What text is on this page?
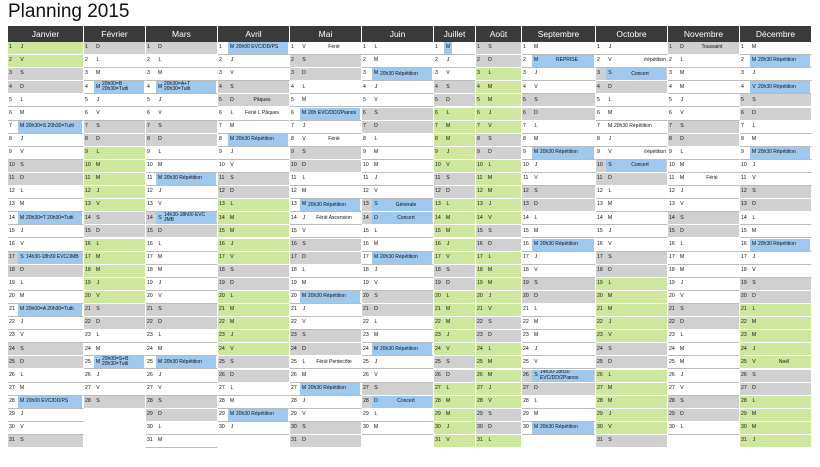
Planning 2015
Janvier
1	J
2	V
3	S
4	D
5	L
6	M
7	M 20h30=S 20h30=Tutti
8	J
9	V
10	S
11	D
12	L
13 M
14 M 20h30=T 20h30=Tutti
15	J
16	V
17	S 14h30-18h30 EVC/JMB
18	D
19	L
20 M
21 M 20h00=A 20h30=Tutti
22	J
23	V
24	S
25	D
26	L
27 M
28 M 20h00 EVC/DD/PS
29	J
30	V
31	S
Février
1	D
2	L
3	M
4	M 20h00=B 20h30=Tutti
5	J
6	V
7	S
8	D
9	L
10 M
11	M
12	J
13	V
14	S
15	D
16	L
17 M
18 M
19	J
20	V
21	S
22	D
23	L
24 M
25 M 20h00=S+B 20h30=Tutti
26	J
27	V
28	S
Mars
1	D
2	L
3	M
4	M 20h30=A+T 20h30=Tutti
5	J
6	V
7	S
8	D
9	L
10 M
11	M 20h30 Répétition
12	J
13	V
14	S 14h30-18h00 EVC JMB
15	D
16	L
17 M
18 M
19	J
20	V
21	S
22	D
23	L
24 M
25 M 20h30 Répétition
26	J
27	V
28	S
29	D
30	L
31 M
Avril
1	M 20h00 EVC/DD/PS
2	J
3	V
4	S
5	D	Pâques
6	L	Férié L Pâques
7	M
8	M 20h30 Répétition
9	J
10	V
11	S
12	D
13	L
14 M
15 M
16	J
17	V
18	S
19	D
20	L
21 M
22 M
23	J
24	V
25	S
26	D
27	L
28 M
29 M 20h30 Répétition
30	J
Mai
1	V	Férié
2	S
3	D
4	L
5	M
6	M 20h EVC/DD/2Pianos
7	J
8	V	Férié
9	S
10	D
11	L
12 M
13 M 20h30 Répétition
14	J	Férié Ascension
15	V
16	S
17	D
18	L
19 M
20 M 20h30 Répétition
21	J
22	V
23	S
24	D
25	L	Férié Pentecôte
26 M
27 M 20h30 Répétition
28	J
29	V
30	S
31	D
Juin
1	L
2	M
3	M 20h30 Répétition
4	J
5	V
6	S
7	D
8	L
9	M
10 M
11	J
12	V
13	S	Générale
14	D	Concert
15	L
16 M
17 M 20h30 Répétition
18	J
19	V
20	S
21	D
22	L
23 M
24 M 20h30 Répétition
25	J
26	V
27	S
28	D	Concert
29	L
30 M
Juillet
1	M
2	J
3	V
4	S
5	D
6	L
7	M
8	M
9	J
10	V
11	S
12	D
13	L
14 M
15 M
16	J
17	V
18	S
19	D
20	L
21 M
22 M
23	J
24	V
25	S
26	D
27	L
28 M
29 M
30	J
31	V
Août
1	S
2	D
3	L
4	M
5	M
6	J
7	V
8	S
9	D
10	L
11	M
12 M
13	J
14	V
15	S
16	D
17	L
18 M
19 M
20	J
21	V
22	S
23	D
24	L
25 M
26 M
27	J
28	V
29	S
30	D
31	L
Septembre
1	M
2	M	REPRISE
3	J
4	V
5	S
6	D
7	L
8	M
9	M 20h30 Répétition
10	J
11	V
12	S
13	D
14	L
15 M
16 M 20h30 Répétition
17	J
18	V
19	S
20	D
21	L
22 M
23 M
24	J
25	V
26	S 14h30-18h30 EVC/DD/2Pianos
27	D
28	L
29 M
30 M 20h30 Répétition
Octobre
1	J
2	V	/répétition
3	S	Concert
4	D
5	L
6	M
7	M 20h30 Répétition
8	J
9	V	/répétition
10	S	Concert
11	D
12	L
13 M
14 M
15	J
16	V
17	S
18	D
19	L
20 M
21 M
22	J
23	V
24	S
25	D
26	L
27 M
28 M
29	J
30	V
31	S
Novembre
1	D	Toussaint
2	L
3	M
4	M
5	J
6	V
7	S
8	D
9	L
10 M
11	M	Férié
12	J
13	V
14	S
15	D
16	L
17 M
18 M
19	J
20	V
21	S
22	D
23	L
24 M
25 M
26	J
27	V
28	S
29	D
30	L
Décembre
1	M
2	M 20h30 Répétition
3	J
4	V 20h30 Répétition
5	S
6	D
7	L
8	M
9	M 20h30 Répétition
10	J
11	V
12	S
13	D
14	L
15 M
16 M 20h30 Répétition
17	J
18	V
19	S
20	D
21	L
22 M
23 M
24	J
25	V	Noël
26	S
27	D
28	L
29 M
30 M
31	J
